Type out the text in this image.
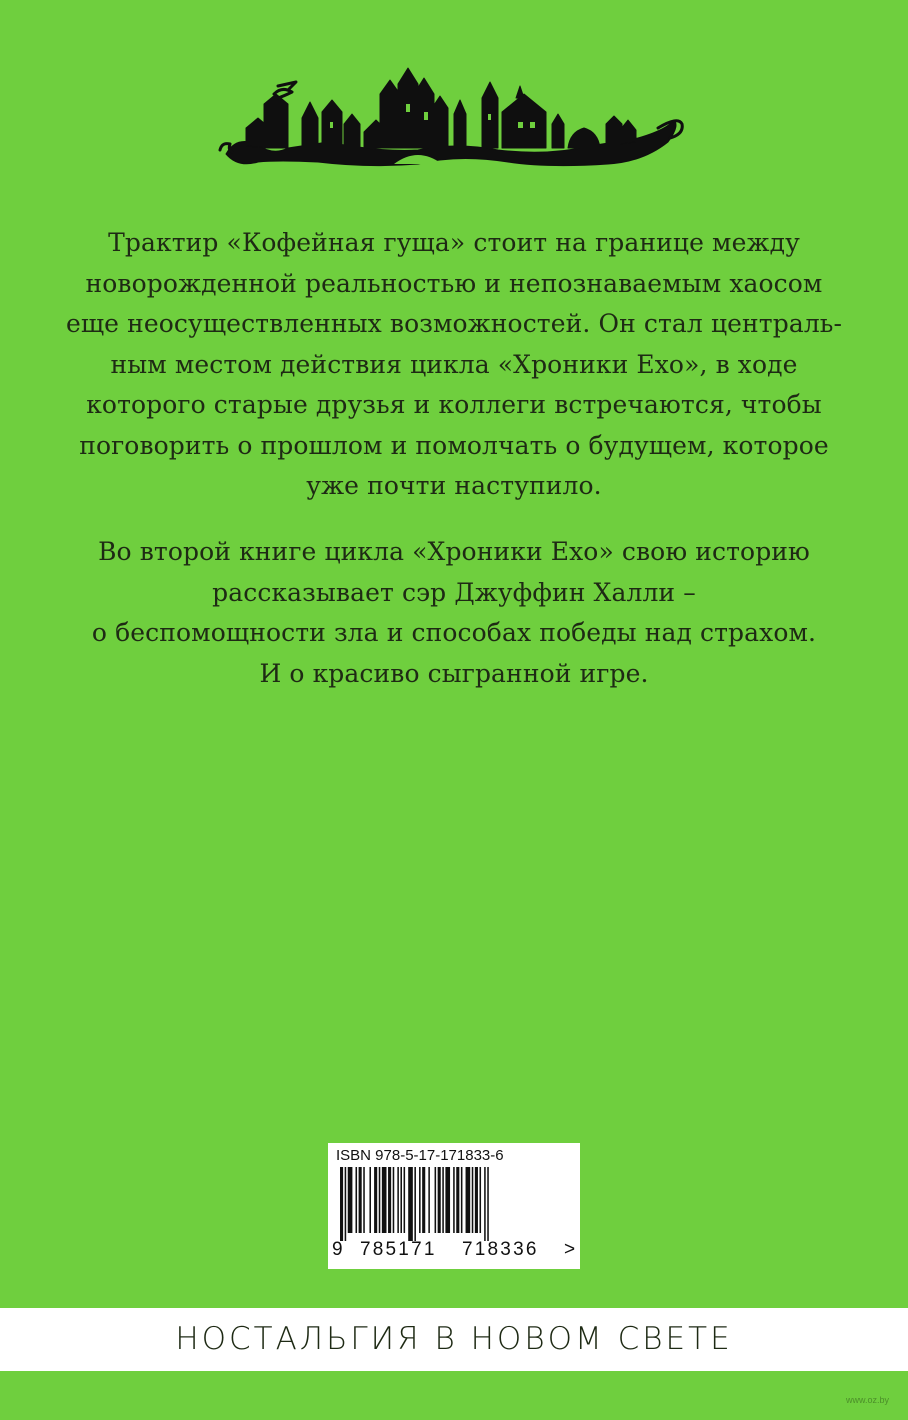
Трактир «Кофейная гуща» стоит на границе между

новорожденной реальностью и непознаваемым хаосом

еще неосуществленных возможностей. Он стал централь-

ным местом действия цикла «Хроники Ехо», в ходе

которого старые друзья и коллеги встречаются, чтобы

поговорить о прошлом и помолчать о будущем, которое

уже почти наступило.

Во второй книге цикла «Хроники Ехо» свою историю

рассказывает сэр Джуффин Халли –

о беспомощности зла и способах победы над страхом.

И о красиво сыгранной игре.

ISBN 978-5-17-171833-6
9 785171 718336 >
НОСТАЛЬГИЯ В НОВОМ СВЕТЕ
www.oz.by
